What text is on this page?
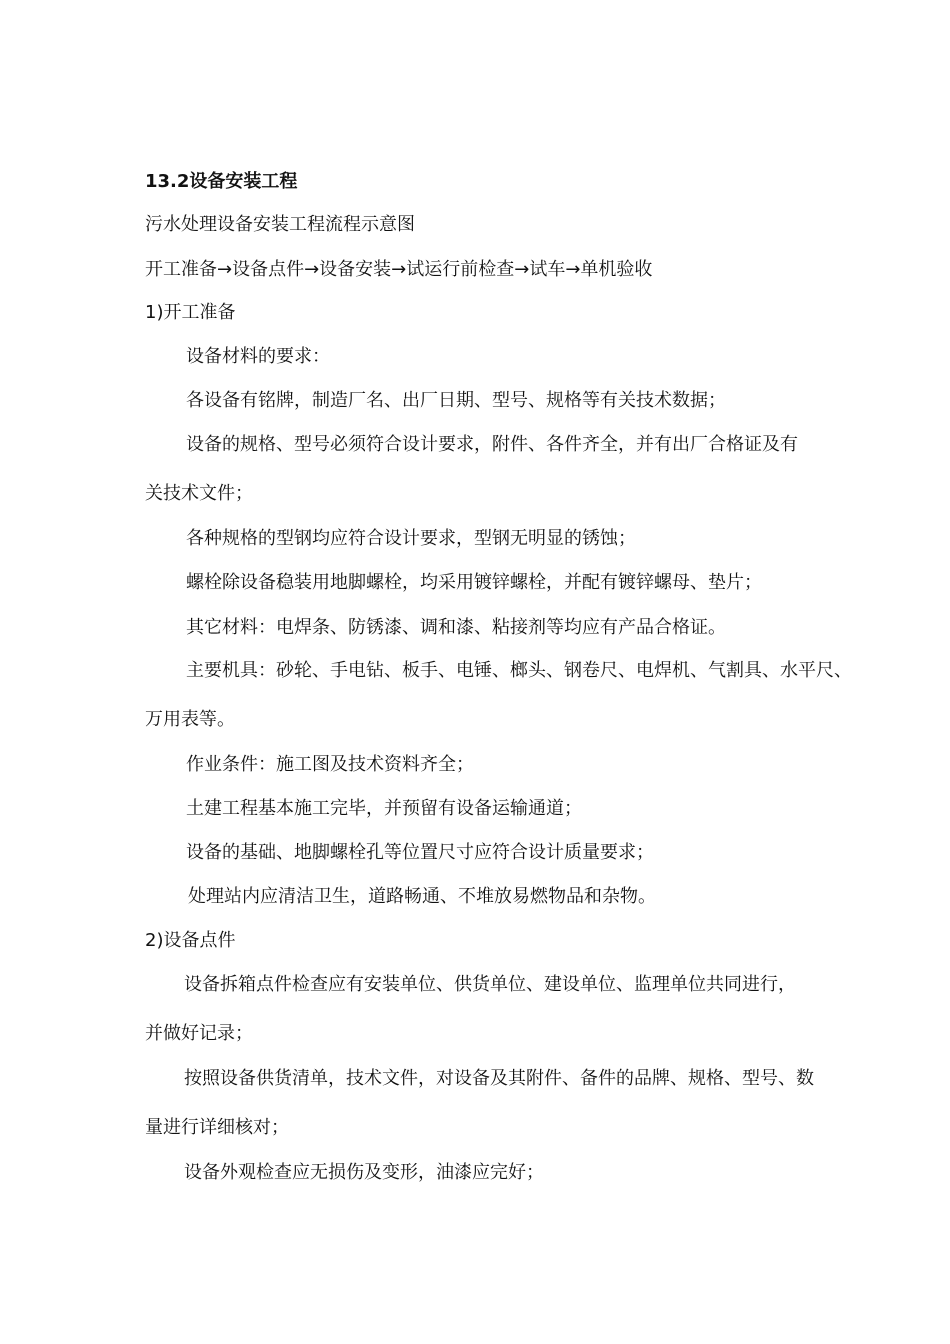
13.2设备安装工程
污水处理设备安装工程流程示意图
开工准备→设备点件→设备安装→试运行前检查→试车→单机验收
1)开工准备
设备材料的要求：
各设备有铭牌，制造厂名、出厂日期、型号、规格等有关技术数据；
设备的规格、型号必须符合设计要求，附件、各件齐全，并有出厂合格证及有
关技术文件；
各种规格的型钢均应符合设计要求，型钢无明显的锈蚀；
螺栓除设备稳装用地脚螺栓，均采用镀锌螺栓，并配有镀锌螺母、垫片；
其它材料：电焊条、防锈漆、调和漆、粘接剂等均应有产品合格证。
主要机具：砂轮、手电钻、板手、电锤、榔头、钢卷尺、电焊机、气割具、水平尺、
万用表等。
作业条件：施工图及技术资料齐全；
土建工程基本施工完毕，并预留有设备运输通道；
设备的基础、地脚螺栓孔等位置尺寸应符合设计质量要求；
处理站内应清洁卫生，道路畅通、不堆放易燃物品和杂物。
2)设备点件
设备拆箱点件检查应有安装单位、供货单位、建设单位、监理单位共同进行，
并做好记录；
按照设备供货清单，技术文件，对设备及其附件、备件的品牌、规格、型号、数
量进行详细核对；
设备外观检查应无损伤及变形，油漆应完好；
